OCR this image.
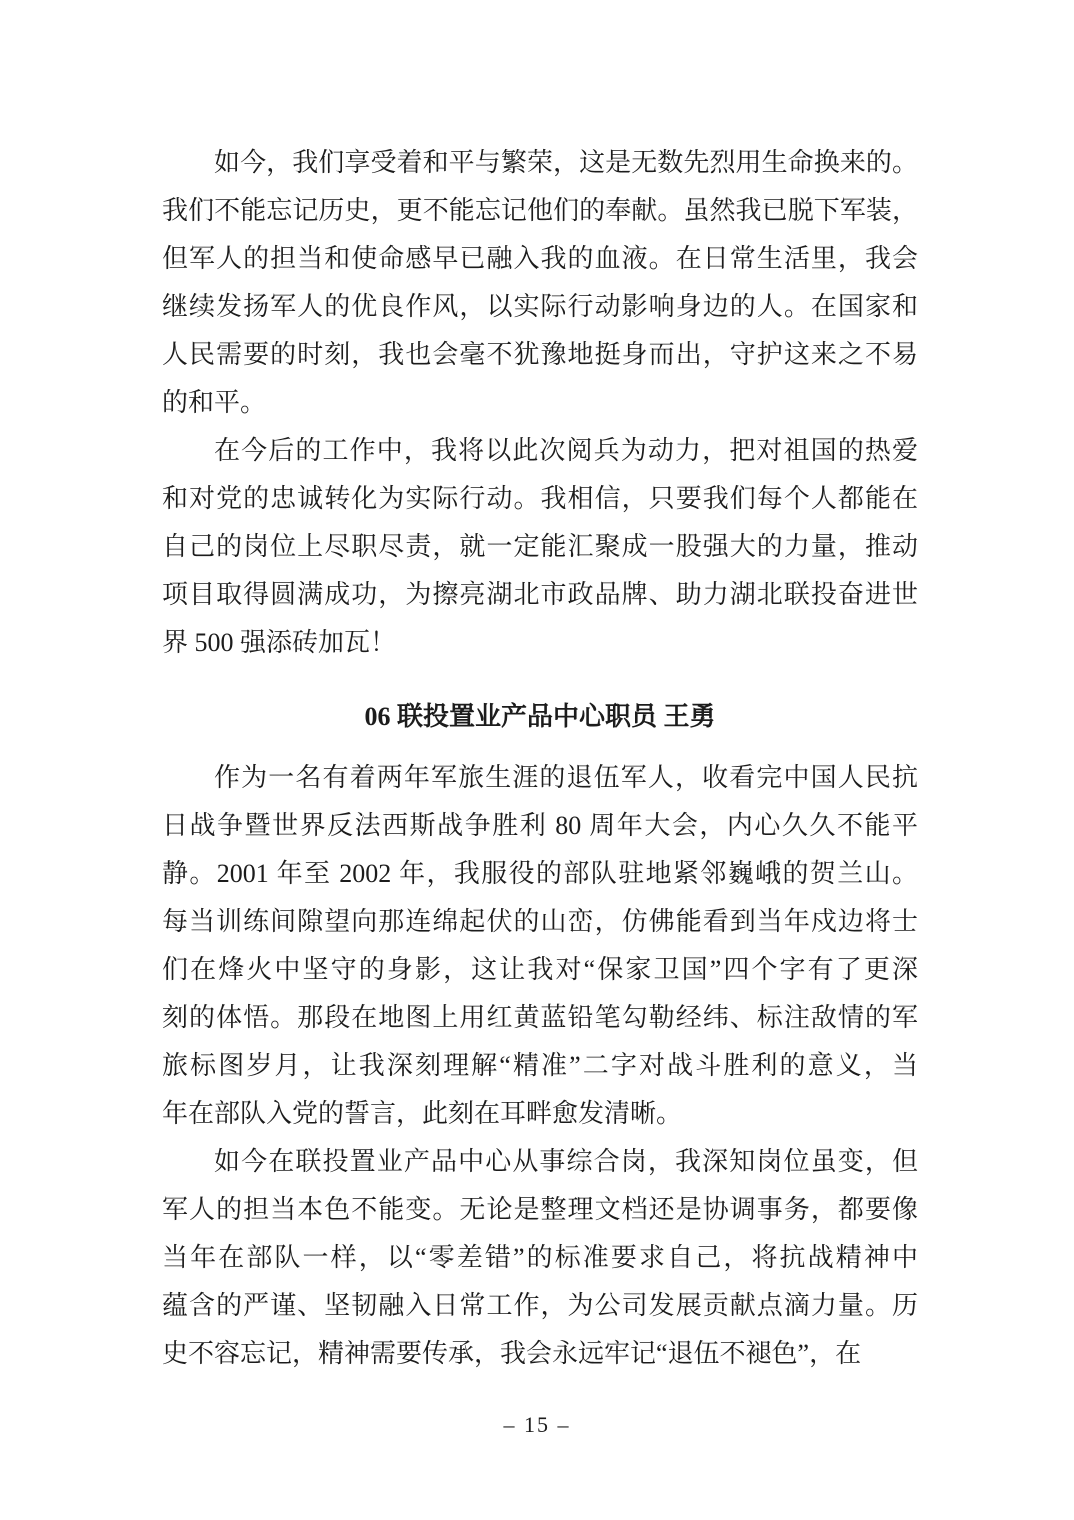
如今，我们享受着和平与繁荣，这是无数先烈用生命换来的。
我们不能忘记历史，更不能忘记他们的奉献。虽然我已脱下军装，
但军人的担当和使命感早已融入我的血液。在日常生活里，我会
继续发扬军人的优良作风，以实际行动影响身边的人。在国家和
人民需要的时刻，我也会毫不犹豫地挺身而出，守护这来之不易
的和平。
在今后的工作中，我将以此次阅兵为动力，把对祖国的热爱
和对党的忠诚转化为实际行动。我相信，只要我们每个人都能在
自己的岗位上尽职尽责，就一定能汇聚成一股强大的力量，推动
项目取得圆满成功，为擦亮湖北市政品牌、助力湖北联投奋进世
界 500 强添砖加瓦！
06 联投置业产品中心职员 王勇
作为一名有着两年军旅生涯的退伍军人，收看完中国人民抗
日战争暨世界反法西斯战争胜利 80 周年大会，内心久久不能平
静。2001 年至 2002 年，我服役的部队驻地紧邻巍峨的贺兰山。
每当训练间隙望向那连绵起伏的山峦，仿佛能看到当年戍边将士
们在烽火中坚守的身影，这让我对“保家卫国”四个字有了更深
刻的体悟。那段在地图上用红黄蓝铅笔勾勒经纬、标注敌情的军
旅标图岁月，让我深刻理解“精准”二字对战斗胜利的意义，当
年在部队入党的誓言，此刻在耳畔愈发清晰。
如今在联投置业产品中心从事综合岗，我深知岗位虽变，但
军人的担当本色不能变。无论是整理文档还是协调事务，都要像
当年在部队一样，以“零差错”的标准要求自己，将抗战精神中
蕴含的严谨、坚韧融入日常工作，为公司发展贡献点滴力量。历
史不容忘记，精神需要传承，我会永远牢记“退伍不褪色”，在
– 15 –
